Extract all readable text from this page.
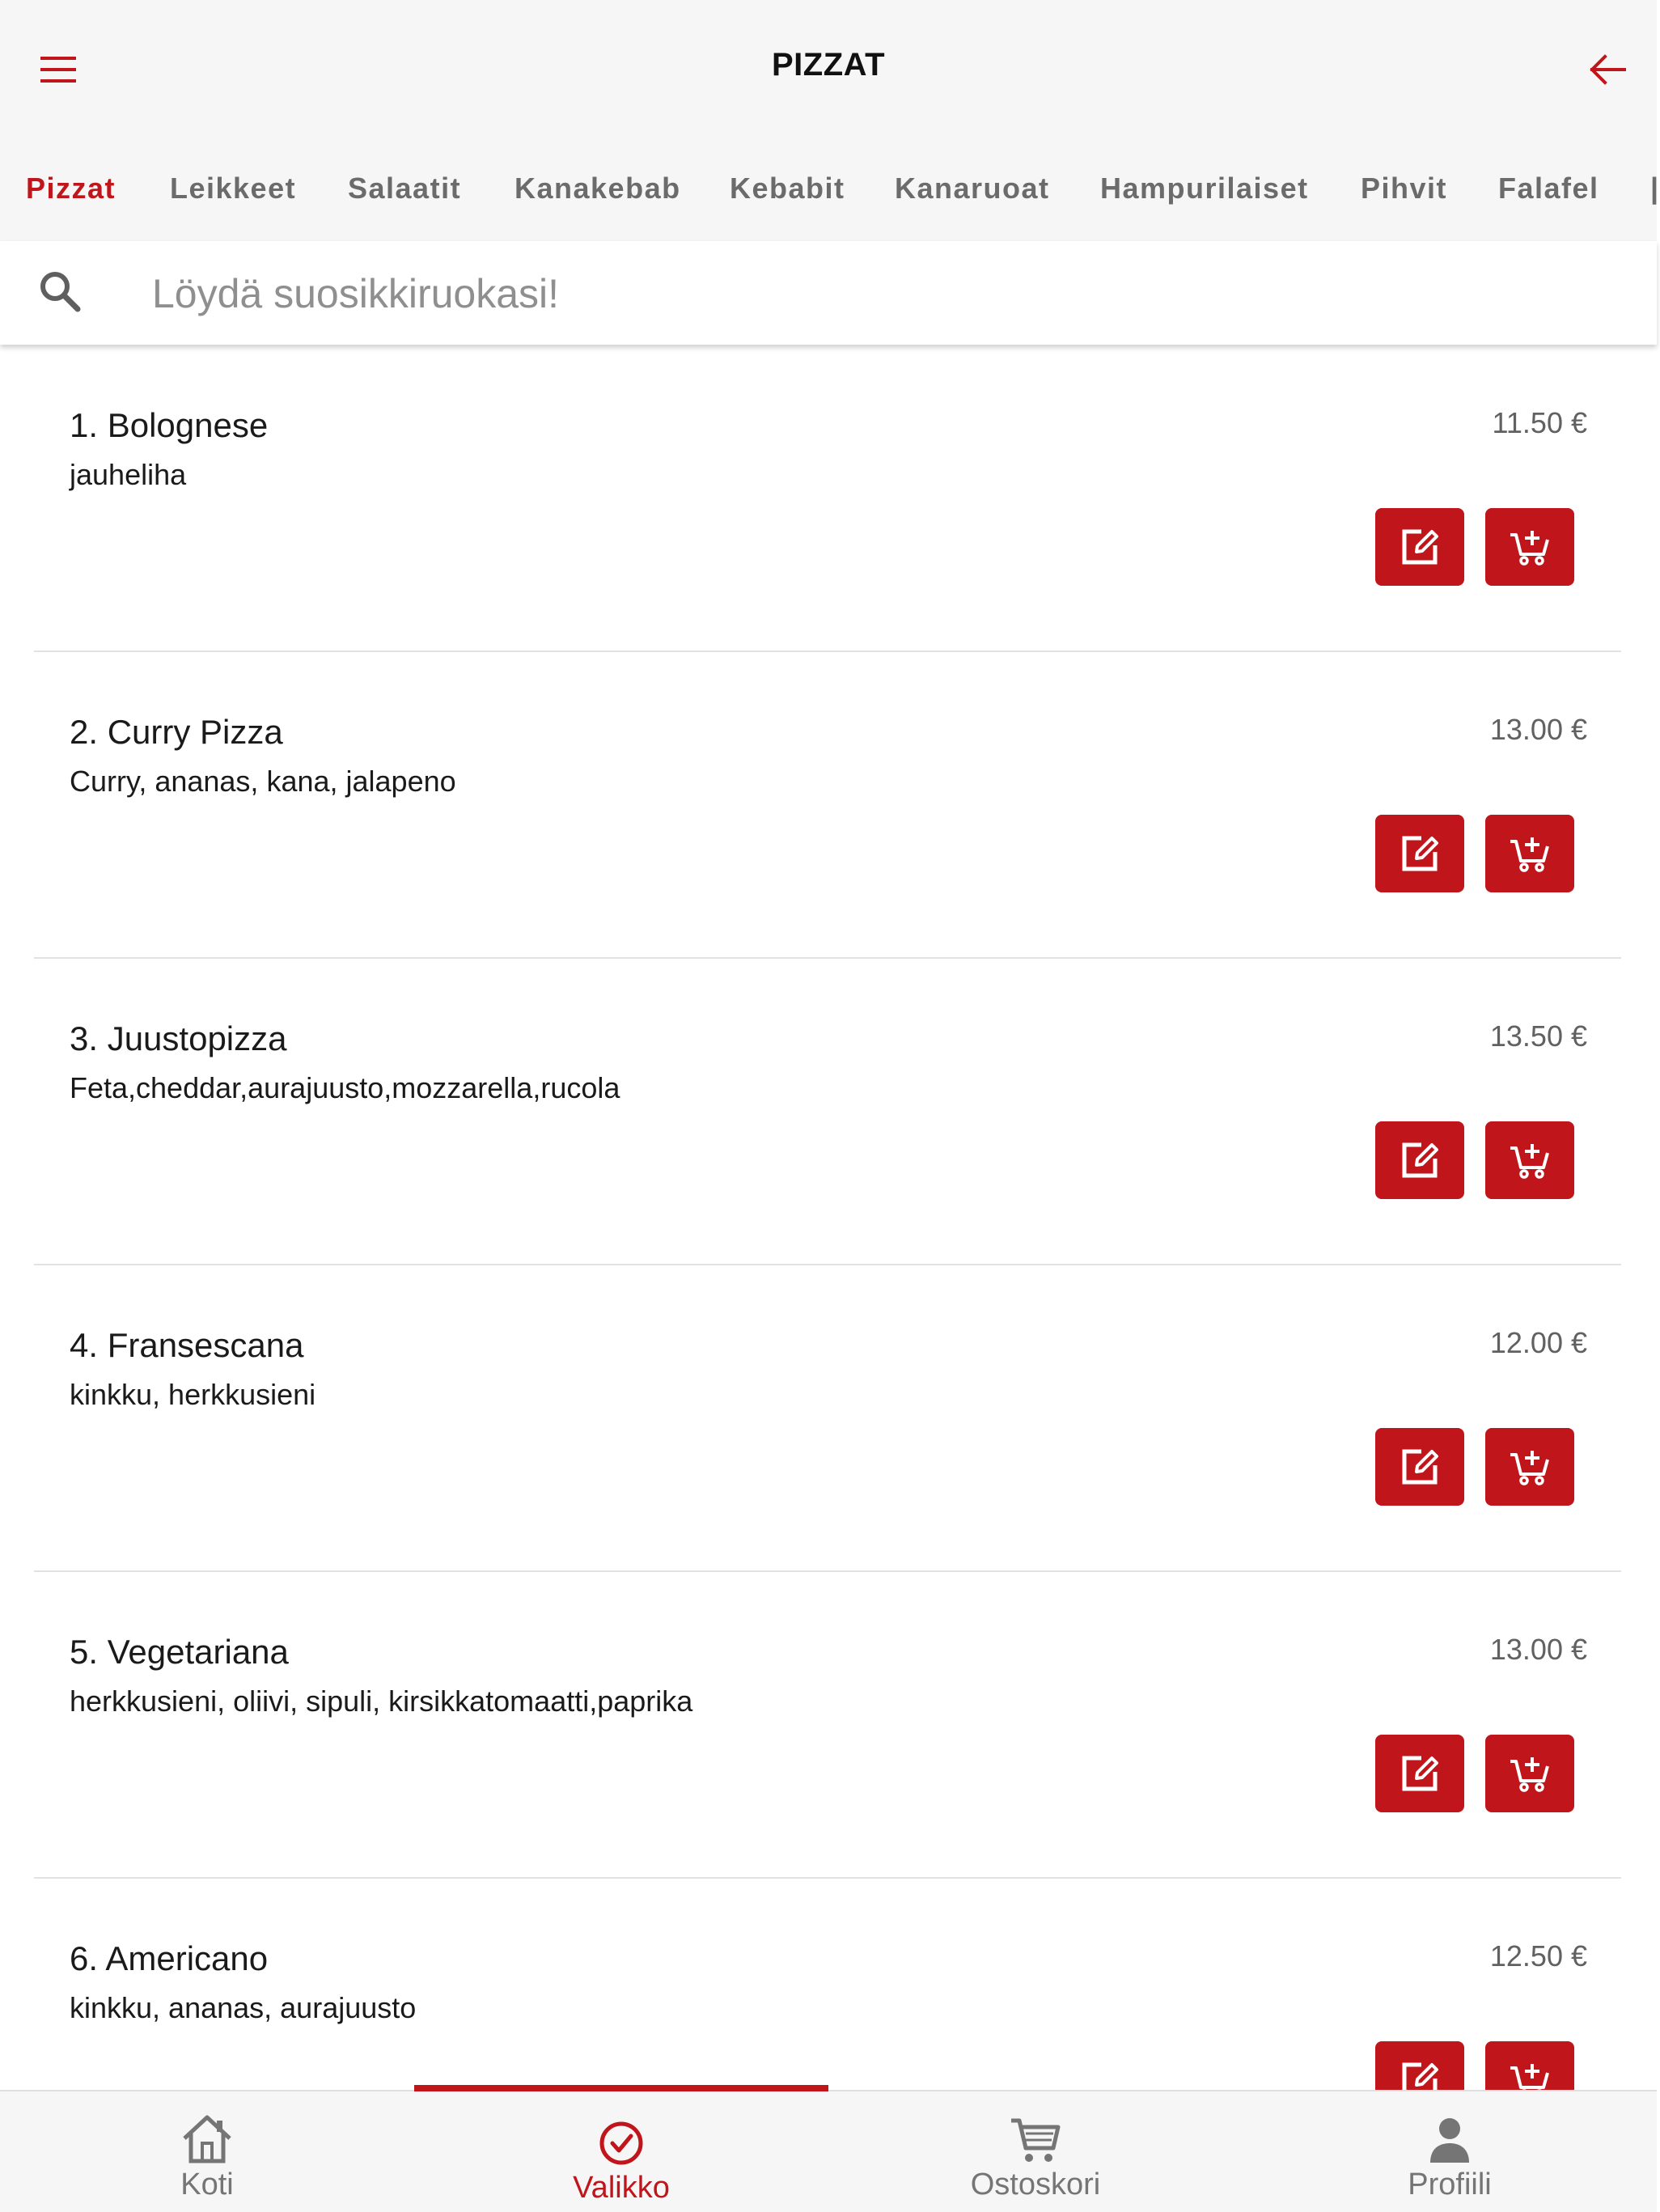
PIZZAT
Pizzat Leikkeet Salaatit Kanakebab Kebabit Kanaruoat Hampurilaiset Pihvit Falafel |
Löydä suosikkiruokasi!
1. Bolognese
jauheliha
11.50 €
2. Curry Pizza
Curry, ananas, kana, jalapeno
13.00 €
3. Juustopizza
Feta,cheddar,aurajuusto,mozzarella,rucola
13.50 €
4. Fransescana
kinkku, herkkusieni
12.00 €
5. Vegetariana
herkkusieni, oliivi, sipuli, kirsikkatomaatti,paprika
13.00 €
6. Americano
kinkku, ananas, aurajuusto
12.50 €
Koti	Valikko	Ostoskori	Profiili
